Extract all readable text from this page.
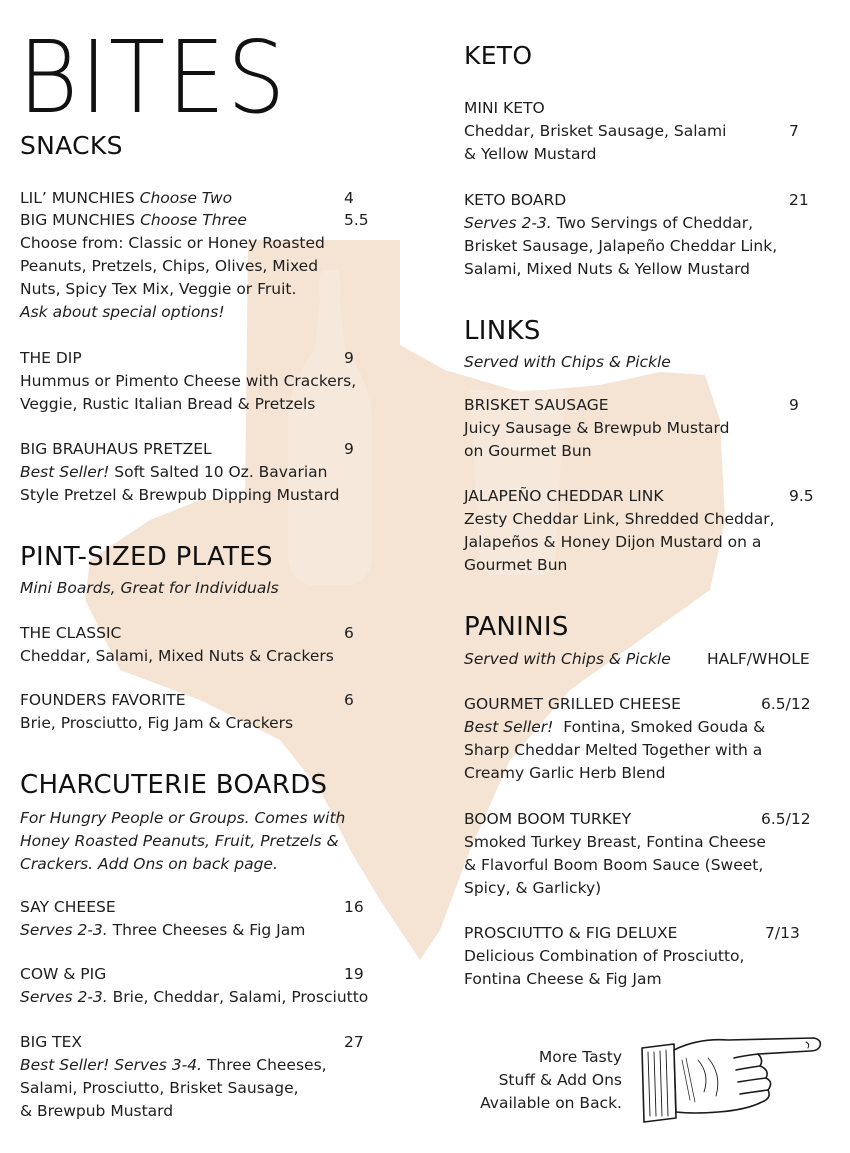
BITES
SNACKS
LIL’ MUNCHIES Choose Two	4
BIG MUNCHIES Choose Three	5.5
Choose from: Classic or Honey Roasted
Peanuts, Pretzels, Chips, Olives, Mixed
Nuts, Spicy Tex Mix, Veggie or Fruit.
Ask about special options!
THE DIP	9
Hummus or Pimento Cheese with Crackers,
Veggie, Rustic Italian Bread & Pretzels
BIG BRAUHAUS PRETZEL	9
Best Seller! Soft Salted 10 Oz. Bavarian
Style Pretzel & Brewpub Dipping Mustard
PINT-SIZED PLATES
Mini Boards, Great for Individuals
THE CLASSIC	6
Cheddar, Salami, Mixed Nuts & Crackers
FOUNDERS FAVORITE	6
Brie, Prosciutto, Fig Jam & Crackers
CHARCUTERIE BOARDS
For Hungry People or Groups. Comes with
Honey Roasted Peanuts, Fruit, Pretzels &
Crackers. Add Ons on back page.
SAY CHEESE	16
Serves 2-3. Three Cheeses & Fig Jam
COW & PIG	19
Serves 2-3. Brie, Cheddar, Salami, Prosciutto
BIG TEX	27
Best Seller! Serves 3-4. Three Cheeses,
Salami, Prosciutto, Brisket Sausage,
& Brewpub Mustard
KETO
MINI KETO
Cheddar, Brisket Sausage, Salami	7
& Yellow Mustard
KETO BOARD	21
Serves 2-3. Two Servings of Cheddar,
Brisket Sausage, Jalapeño Cheddar Link,
Salami, Mixed Nuts & Yellow Mustard
LINKS
Served with Chips & Pickle
BRISKET SAUSAGE	9
Juicy Sausage & Brewpub Mustard
on Gourmet Bun
JALAPEÑO CHEDDAR LINK	9.5
Zesty Cheddar Link, Shredded Cheddar,
Jalapeños & Honey Dijon Mustard on a
Gourmet Bun
PANINIS
Served with Chips & Pickle HALF/WHOLE
GOURMET GRILLED CHEESE	6.5/12
Best Seller!  Fontina, Smoked Gouda &
Sharp Cheddar Melted Together with a
Creamy Garlic Herb Blend
BOOM BOOM TURKEY	6.5/12
Smoked Turkey Breast, Fontina Cheese
& Flavorful Boom Boom Sauce (Sweet,
Spicy, & Garlicky)
PROSCIUTTO & FIG DELUXE	7/13
Delicious Combination of Prosciutto,
Fontina Cheese & Fig Jam
More Tasty
Stuff & Add Ons
Available on Back.
